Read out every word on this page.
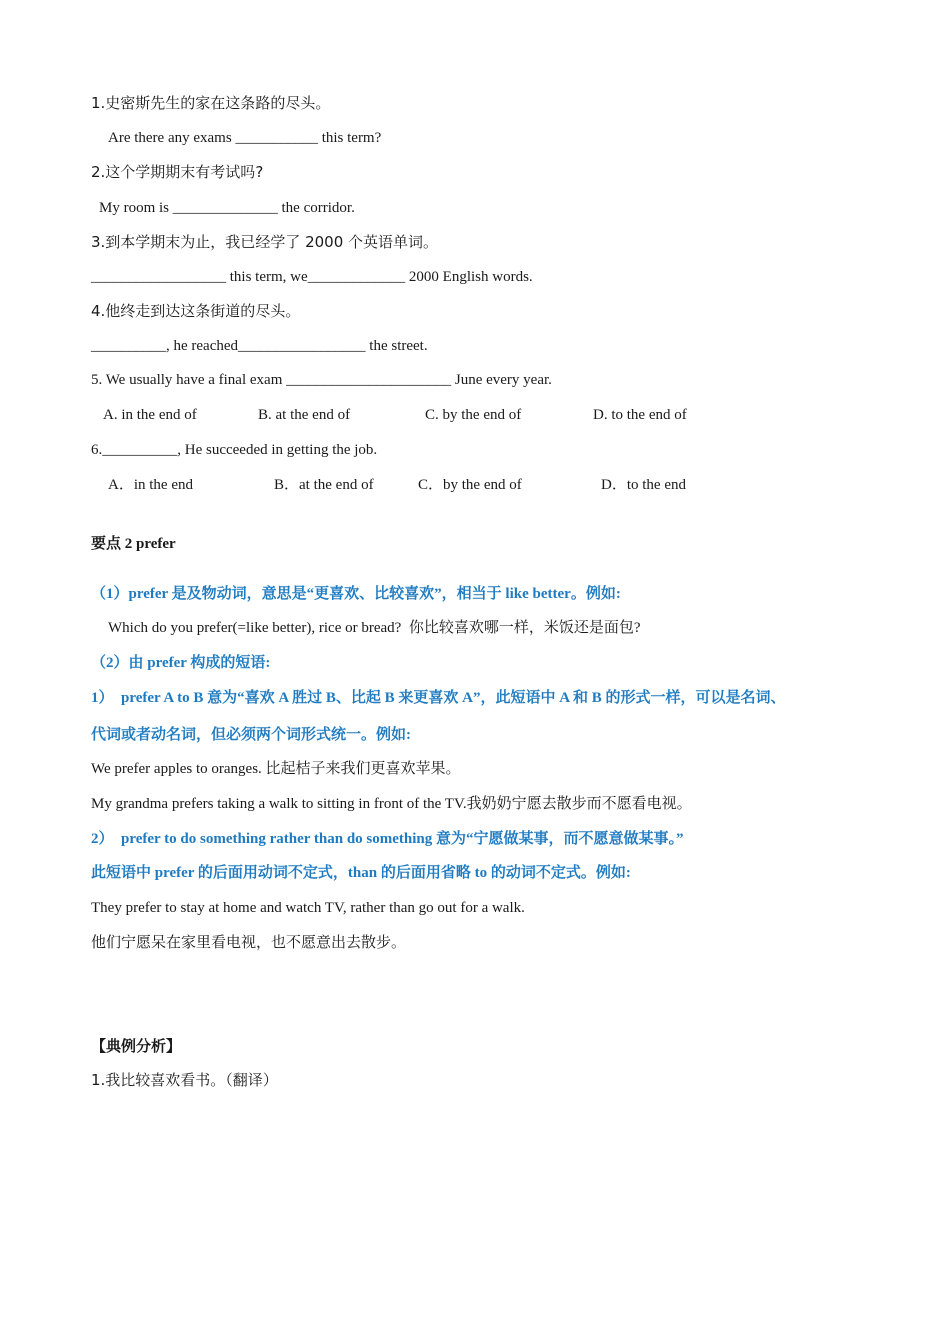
1.史密斯先生的家在这条路的尽头。
Are there any exams ___________ this term?
2.这个学期期末有考试吗?
My room is ______________ the corridor.
3.到本学期末为止，我已经学了 2000 个英语单词。
__________________ this term, we_____________ 2000 English words.
4.他终走到达这条街道的尽头。
__________, he reached_________________ the street.
5. We usually have a final exam ______________________ June every year.
A. in the end of	B. at the end of	C. by the end of	D. to the end of
6.__________, He succeeded in getting the job.
A．in the end	B．at the end of	C．by the end of	D．to the end
要点 2 prefer
（1）prefer 是及物动词，意思是“更喜欢、比较喜欢”，相当于 like better。例如:
Which do you prefer(=like better), rice or bread?  你比较喜欢哪一样，米饭还是面包?
（2）由 prefer 构成的短语:
1）  prefer A to B 意为“喜欢 A 胜过 B、比起 B 来更喜欢 A”，此短语中 A 和 B 的形式一样，可以是名词、
代词或者动名词，但必须两个词形式统一。例如:
We prefer apples to oranges. 比起桔子来我们更喜欢苹果。
My grandma prefers taking a walk to sitting in front of the TV.我奶奶宁愿去散步而不愿看电视。
2）  prefer to do something rather than do something 意为“宁愿做某事，而不愿意做某事。”
此短语中 prefer 的后面用动词不定式，than 的后面用省略 to 的动词不定式。例如:
They prefer to stay at home and watch TV, rather than go out for a walk.
他们宁愿呆在家里看电视，也不愿意出去散步。
【典例分析】
1.我比较喜欢看书。（翻译）
